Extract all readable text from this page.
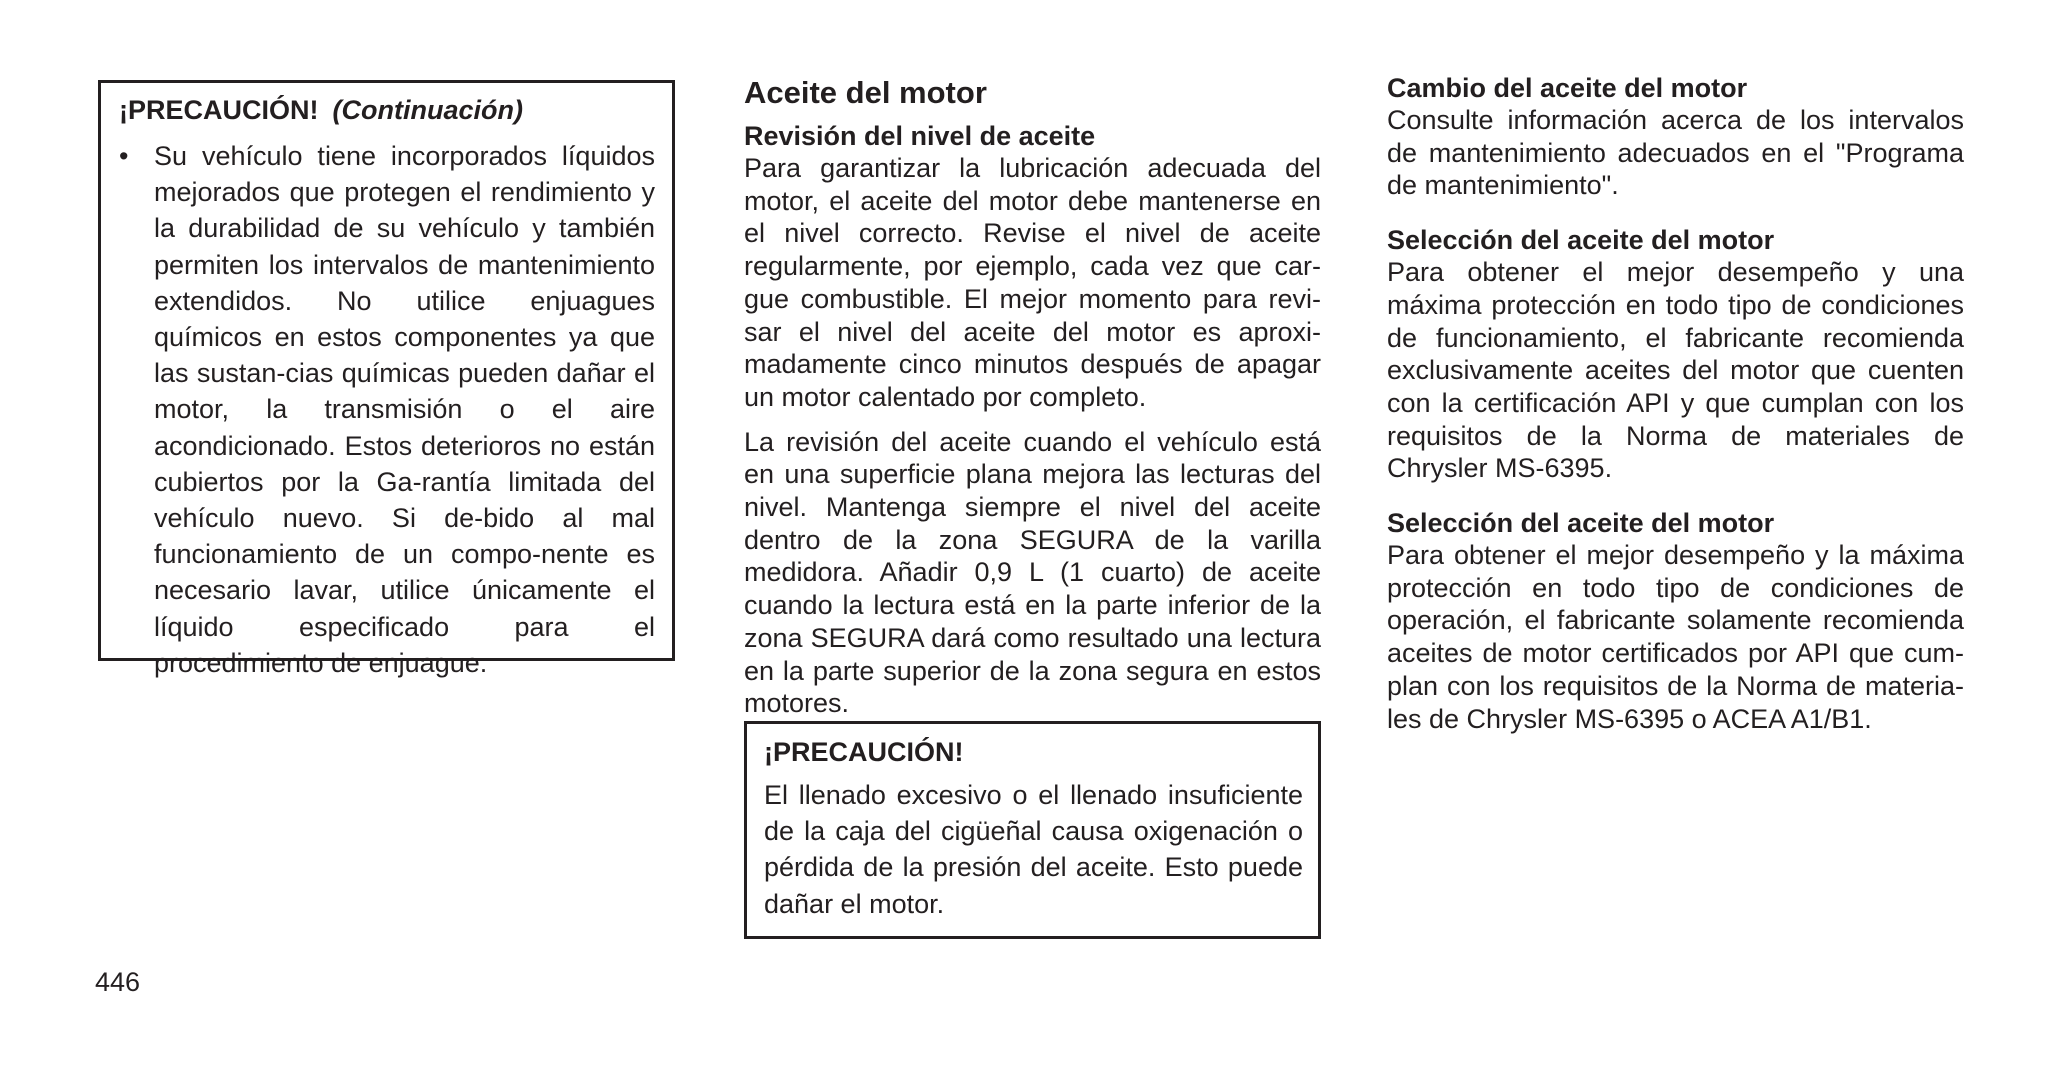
¡PRECAUCIÓN! (Continuación)

• Su vehículo tiene incorporados líquidos mejorados que protegen el rendimiento y la durabilidad de su vehículo y también permiten los intervalos de mantenimiento extendidos. No utilice enjuagues químicos en estos componentes ya que las sustan-cias químicas pueden dañar el motor, la transmisión o el aire acondicionado. Estos deterioros no están cubiertos por la Ga-rantía limitada del vehículo nuevo. Si de-bido al mal funcionamiento de un compo-nente es necesario lavar, utilice únicamente el líquido especificado para el procedimiento de enjuague.

Aceite del motor
Revisión del nivel de aceite

Para garantizar la lubricación adecuada del motor, el aceite del motor debe mantenerse en el nivel correcto. Revise el nivel de aceite regularmente, por ejemplo, cada vez que car-gue combustible. El mejor momento para revi-sar el nivel del aceite del motor es aproxi-madamente cinco minutos después de apagar un motor calentado por completo.

La revisión del aceite cuando el vehículo está en una superficie plana mejora las lecturas del nivel. Mantenga siempre el nivel del aceite dentro de la zona SEGURA de la varilla medidora. Añadir 0,9 L (1 cuarto) de aceite cuando la lectura está en la parte inferior de la zona SEGURA dará como resultado una lectura en la parte superior de la zona segura en estos motores.

¡PRECAUCIÓN!

El llenado excesivo o el llenado insuficiente de la caja del cigüeñal causa oxigenación o pérdida de la presión del aceite. Esto puede dañar el motor.

Cambio del aceite del motor

Consulte información acerca de los intervalos de mantenimiento adecuados en el "Programa de mantenimiento".

Selección del aceite del motor

Para obtener el mejor desempeño y una máxima protección en todo tipo de condiciones de funcionamiento, el fabricante recomienda exclusivamente aceites del motor que cuenten con la certificación API y que cumplan con los requisitos de la Norma de materiales de Chrysler MS-6395.

Selección del aceite del motor

Para obtener el mejor desempeño y la máxima protección en todo tipo de condiciones de operación, el fabricante solamente recomienda aceites de motor certificados por API que cum-plan con los requisitos de la Norma de materia-les de Chrysler MS-6395 o ACEA A1/B1.

446
